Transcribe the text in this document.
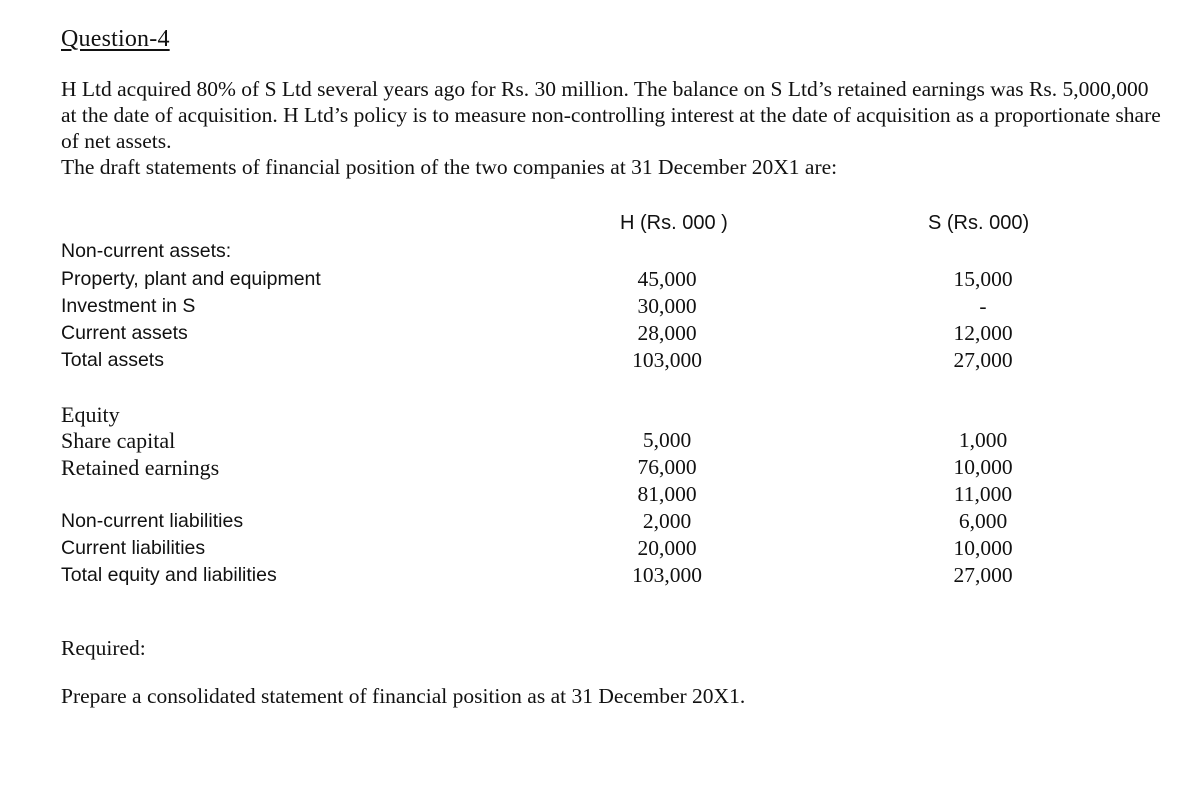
Question-4

H Ltd acquired 80% of S Ltd several years ago for Rs. 30 million. The balance on S Ltd’s retained earnings was Rs. 5,000,000 at the date of acquisition. H Ltd’s policy is to measure non-controlling interest at the date of acquisition as a proportionate share of net assets.

The draft statements of financial position of the two companies at 31 December 20X1 are:

H (Rs. 000 )	S (Rs. 000)
Non-current assets:
Property, plant and equipment	45,000	15,000
Investment in S	30,000	-
Current assets	28,000	12,000
Total assets	103,000	27,000
Equity
Share capital	5,000	1,000
Retained earnings	76,000	10,000
81,000	11,000
Non-current liabilities	2,000	6,000
Current liabilities	20,000	10,000
Total equity and liabilities	103,000	27,000
Required:
Prepare a consolidated statement of financial position as at 31 December 20X1.
